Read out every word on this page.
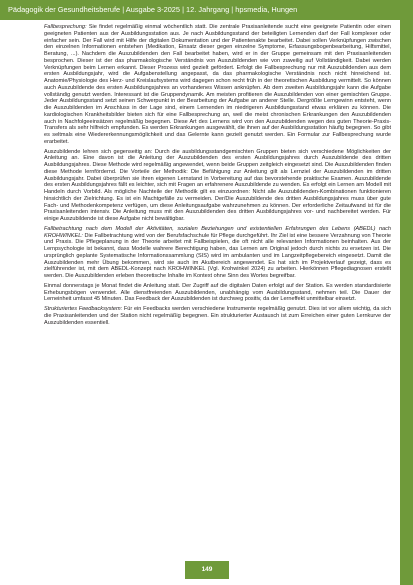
Pädagogik der Gesundheitsberufe | Ausgabe 3-2025 | 12. Jahrgang | hpsmedia, Hungen

Fallbesprechung: Sie findet regelmäßig einmal wöchentlich statt. Die zentrale Praxisanleitende sucht eine geeignete Patientin oder einen geeigneten Patienten aus der Ausbildungsstation aus. Je nach Ausbildungsstand der beteiligten Lernenden darf der Fall komplexer oder einfacher sein. Der Fall wird mit Hilfe der digitalen Dokumentation und der Patientenakte bearbeitet. Dabei sollen Verknüpfungen zwischen den einzelnen Informationen entstehen (Medikation, Einsatz dieser gegen einzelne Symptome, Erfassungsbogenbearbeitung, Hilfsmittel, Beratung, ...). Nachdem die Auszubildenden den Fall bearbeitet haben, wird er in der Gruppe gemeinsam mit den Praxisanleitenden besprochen. Dieser ist der das pharmakologische Verständnis von Auszubildenden wie von zuweilig auf Vollständigkeit. Dabei werden Verknüpfungen beim Lernen erkannt. Dieser Prozess wird gezielt gefördert. Erfolgt die Fallbesprechung nur mit Auszubildenden aus dem ersten Ausbildungsjahr, wird die Aufgabenstellung angepasst, da das pharmakologische Verständnis noch nicht hinreichend ist. Anatomie/Physiologie des Herz- und Kreislaufsystems wird dagegen schon recht früh in der theoretischen Ausbildung vermittelt. So können auch Auszubildende des ersten Ausbildungsjahres an vorhandenes Wissen anknüpfen. Ab dem zweiten Ausbildungsjahr kann die Aufgabe vollständig genutzt werden. Interessant ist die Gruppendynamik. Am meisten profitieren die Auszubildenden von einer gemischten Gruppe. Jeder Ausbildungsstand setzt seinen Schwerpunkt in der Bearbeitung der Aufgabe an anderer Stelle. Dergrößte Lerngewinn entsteht, wenn die Auszubildenden im Anschluss in der Lage sind, einem Lernenden im niedrigeren Ausbildungsstand etwas erklären zu können. Die kardiologischen Krankheitsbilder bieten sich für eine Fallbesprechung an, weil die meist chronischen Erkrankungen den Auszubildenden auch in Nachfolgeeinsätzen regelmäßig begegnen. Diese Art des Lernens wird von den Auszubildenden wegen des guten Theorie-Praxis-Transfers als sehr hilfreich empfunden. Es werden Erkrankungen ausgewählt, die ihnen auf der Ausbildungsstation häufig begegnen. So gibt es seltmals eine Wiedererkennungsmöglichkeit und das Gelernte kann gezielt genutzt werden. Ein Formular zur Fallbesprechung wurde erarbeitet.

Auszubildende lehren sich gegenseitig an: Durch die ausbildungsstandgemischten Gruppen bieten sich verschiedene Möglichkeiten der Anleitung an. Eine davon ist die Anleitung der Auszubildenden des ersten Ausbildungsjahres durch Auszubildende des dritten Ausbildungsjahres. Diese Methode wird regelmäßig angewendet, wenn beide Gruppen zeitgleich eingesetzt sind. Die Auszubildenden finden diese Methode lernfördernd. Die Vorteile der Methodik: Die Befähigung zur Anleitung gilt als Lernziel der Auszubildenden im dritten Ausbildungsjahr. Dabei überprüfen sie ihren eigenen Lernstand in Vorbereitung auf das bevorstehende praktische Examen. Auszubildende des ersten Ausbildungsjahres fällt es leichter, sich mit Fragen an erfahrenere Auszubildende zu wenden. Es erfolgt ein Lernen am Modell mit Handeln durch Vorbild. Als mögliche Nachteile der Methodik gilt es einzuordnen: Nicht alle Auszubildenden-Kombinationen funktionieren hinsichtlich der Zielrichtung. Es ist ein Machtgefälle zu vermeiden. Der/Die Auszubildende des dritten Ausbildungsjahres muss über gute Fach- und Methodenkompetenz verfügen, um diese Anleitungsaufgabe wahrzunehmen zu können. Der erforderliche Zeitaufwand ist für die Praxisanleitenden intensiv. Die Anleitung muss mit den Auszubildenden des dritten Ausbildungsjahres vor- und nachbereitet werden. Für einige Auszubildende ist diese Aufgabe nicht bewältigbar.

Fallbetrachtung nach dem Modell der Aktivitäten, sozialen Beziehungen und existentiellen Erfahrungen des Lebens (ABEDL) nach KROHWINKEL: Die Fallbetrachtung wird von der Berufsfachschule für Pflege durchgeführt. Ihr Ziel ist eine bessere Verzahnung von Theorie und Praxis. Die Pflegeplanung in der Theorie arbeitet mit Fallbeispielen, die oft nicht alle relevanten Informationen beinhalten. Aus der Lernpsychologie ist bekannt, dass Modelle wahrere Berechtigung haben, das Lernen am Original jedoch durch nichts zu ersetzen ist. Die ursprünglich geplante Systematische Informationssammlung (SIS) wird im ambulanten und im Langzeitpflegebereich eingesetzt. Damit die Auszubildenden mehr Übung bekommen, wird sie auch im Akutbereich angewendet. Es hat sich im Projektverlauf gezeigt, dass es zielführender ist, mit dem ABEDL-Konzept nach KROHWINKEL (Vgl. Krohwinkel 2024) zu arbeiten. Hierkönnen Pflegediagnosen erstellt werden. Die Auszubildenden erleben theoretische Inhalte im Kontext ohne Sinn des Wortes begreifbar.

Einmal donnerstags je Monat findet die Anleitung statt. Der Zugriff auf die digitalen Daten erfolgt auf der Station. Es werden standardisierte Erhebungsbögen verwendet. Alle dienstfreienden Auszubildenden, unabhängig vom Ausbildungsstand, nehmen teil. Die Dauer der Lerneinheit umfasst 45 Minuten. Das Feedback der Auszubildenden ist durchweg positiv, da der Lerneffekt unmittelbar einsetzt.

Strukturiertes Feedbacksystem: Für ein Feedbacks werden verschiedene Instrumente regelmäßig genutzt. Dies ist vor allem wichtig, da sich die Praxisanleitenden und der Station nicht regelmäßig begegnen. Ein strukturierter Austausch ist zum Erreichen einer guten Lernkurve der Auszubildenden essentiell.

149
